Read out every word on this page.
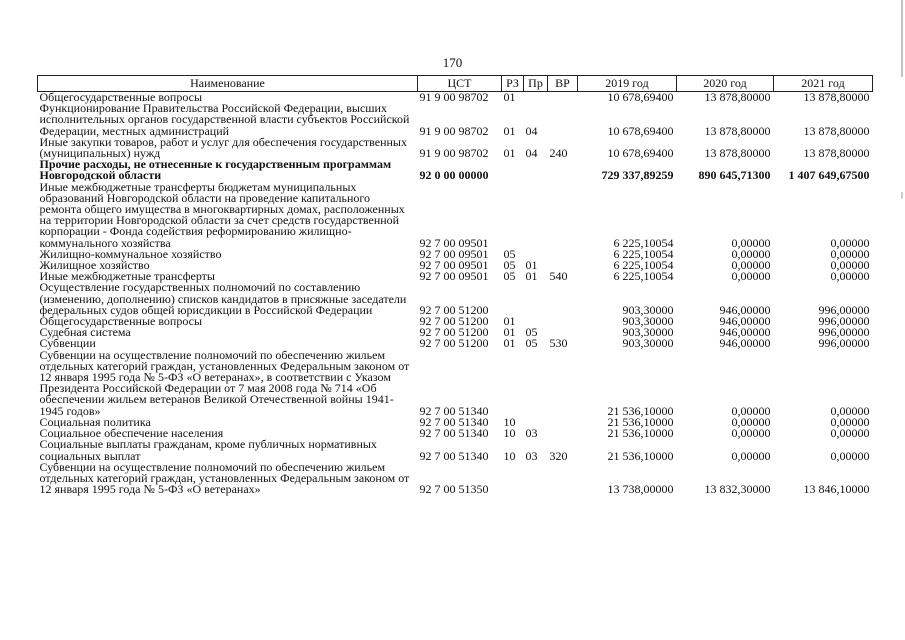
170
Наименование	ЦСТ	РЗ	Пр	ВР	2019 год	2020 год	2021 год
Общегосударственные вопросы	91 9 00 98702	01			10 678,69400	13 878,80000	13 878,80000
Функционирование Правительства Российской Федерации, высших исполнительных органов государственной власти субъектов Российской Федерации, местных администраций	91 9 00 98702	01	04		10 678,69400	13 878,80000	13 878,80000
Иные закупки товаров, работ и услуг для обеспечения государственных (муниципальных) нужд	91 9 00 98702	01	04	240	10 678,69400	13 878,80000	13 878,80000
Прочие расходы, не отнесенные к государственным программам Новгородской области	92 0 00 00000				729 337,89259	890 645,71300	1 407 649,67500
Иные межбюджетные трансферты бюджетам муниципальных образований Новгородской области на проведение капитального ремонта общего имущества в многоквартирных домах, расположенных на территории Новгородской области за счет средств государственной корпорации - Фонда содействия реформированию жилищно-коммунального хозяйства	92 7 00 09501				6 225,10054	0,00000	0,00000
Жилищно-коммунальное хозяйство	92 7 00 09501	05			6 225,10054	0,00000	0,00000
Жилищное хозяйство	92 7 00 09501	05	01		6 225,10054	0,00000	0,00000
Иные межбюджетные трансферты	92 7 00 09501	05	01	540	6 225,10054	0,00000	0,00000
Осуществление государственных полномочий по составлению (изменению, дополнению) списков кандидатов в присяжные заседатели федеральных судов общей юрисдикции в Российской Федерации	92 7 00 51200				903,30000	946,00000	996,00000
Общегосударственные вопросы	92 7 00 51200	01			903,30000	946,00000	996,00000
Судебная система	92 7 00 51200	01	05		903,30000	946,00000	996,00000
Субвенции	92 7 00 51200	01	05	530	903,30000	946,00000	996,00000
Субвенции на осуществление полномочий по обеспечению жильем отдельных категорий граждан, установленных Федеральным законом от 12 января 1995 года № 5-ФЗ «О ветеранах», в соответствии с Указом Президента Российской Федерации от 7 мая 2008 года № 714 «Об обеспечении жильем ветеранов Великой Отечественной войны 1941-1945 годов»	92 7 00 51340				21 536,10000	0,00000	0,00000
Социальная политика	92 7 00 51340	10			21 536,10000	0,00000	0,00000
Социальное обеспечение населения	92 7 00 51340	10	03		21 536,10000	0,00000	0,00000
Социальные выплаты гражданам, кроме публичных нормативных социальных выплат	92 7 00 51340	10	03	320	21 536,10000	0,00000	0,00000
Субвенции на осуществление полномочий по обеспечению жильем отдельных категорий граждан, установленных Федеральным законом от 12 января 1995 года № 5-ФЗ «О ветеранах»	92 7 00 51350				13 738,00000	13 832,30000	13 846,10000
